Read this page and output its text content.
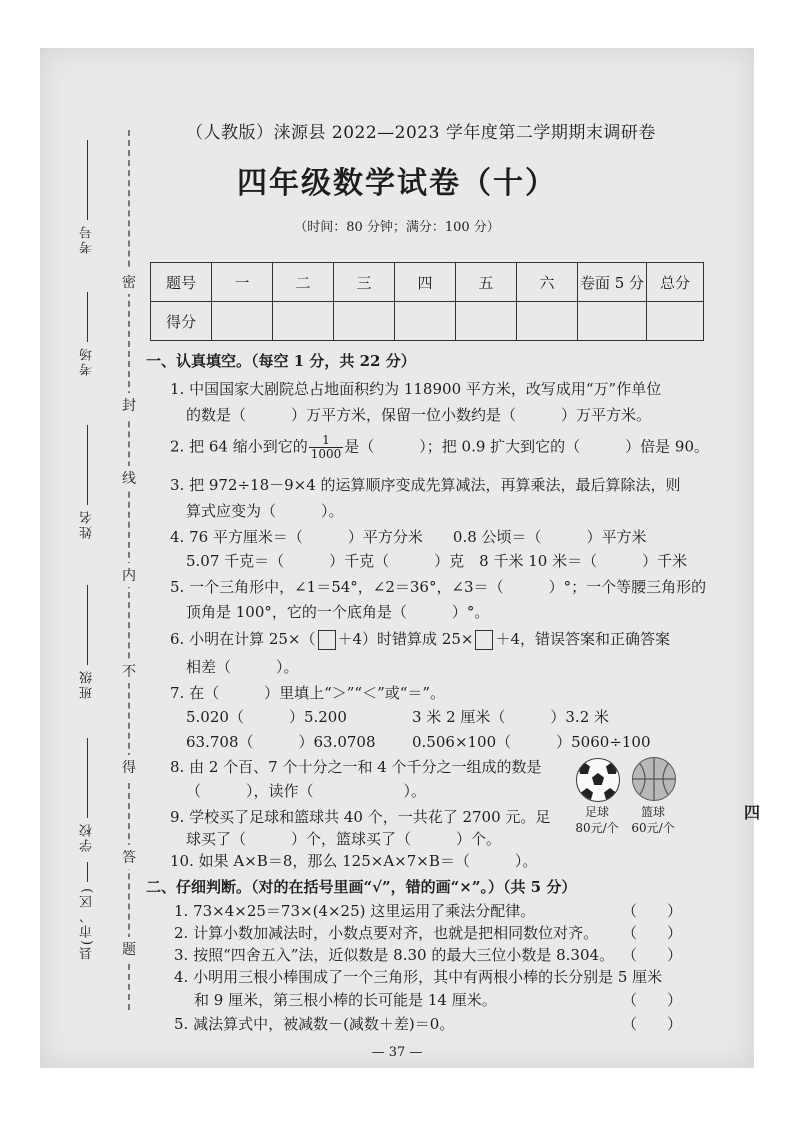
考号
考场
姓名
班级
学校
县(市、区)
密
封
线
内
不
得
答
题
（人教版）涞源县 2022—2023 学年度第二学期期末调研卷
四年级数学试卷（十）
（时间：80 分钟；满分：100 分）
题号	一	二	三	四	五	六	卷面 5 分	总分
得分								
一、认真填空。（每空 1 分，共 22 分）
1. 中国国家大剧院总占地面积约为 118900 平方米，改写成用“万”作单位
的数是（　　　）万平方米，保留一位小数约是（　　　）万平方米。
2. 把 64 缩小到它的 $\frac{1}{1000}$ 是（　　　）；把 0.9 扩大到它的（　　　）倍是 90。
3. 把 972÷18－9×4 的运算顺序变成先算减法，再算乘法，最后算除法，则
算式应变为（　　　）。
4. 76 平方厘米＝（　　　）平方分米　　0.8 公顷＝（　　　）平方米
5.07 千克＝（　　　）千克（　　　）克　8 千米 10 米＝（　　　）千米
5. 一个三角形中，∠1＝54°，∠2＝36°，∠3＝（　　　）°；一个等腰三角形的
顶角是 100°，它的一个底角是（　　　）°。
6. 小明在计算 25×（ ＋4）时错算成 25× ＋4，错误答案和正确答案
相差（　　　）。
7. 在（　　　）里填上“＞”“＜”或“＝”。
5.020（　　　）5.200	3 米 2 厘米（　　　）3.2 米
63.708（　　　）63.0708 0.506×100（　　　）5060÷100
8. 由 2 个百、7 个十分之一和 4 个千分之一组成的数是
（　　　），读作（　　　　　　）。
9. 学校买了足球和篮球共 40 个，一共花了 2700 元。足
球买了（　　　）个，篮球买了（　　　）个。
10. 如果 A×B＝8，那么 125×A×7×B＝（　　　）。
足球
80元/个
篮球
60元/个
二、仔细判断。（对的在括号里画“√”，错的画“×”。）（共 5 分）
1. 73×4×25＝73×(4×25) 这里运用了乘法分配律。	（　　）
2. 计算小数加减法时，小数点要对齐，也就是把相同数位对齐。 （　　）
3. 按照“四舍五入”法，近似数是 8.30 的最大三位小数是 8.304。 （　　）
4. 小明用三根小棒围成了一个三角形，其中有两根小棒的长分别是 5 厘米
和 9 厘米，第三根小棒的长可能是 14 厘米。	（　　）
5. 减法算式中，被减数－(减数＋差)＝0。	（　　）
— 37 —
四
